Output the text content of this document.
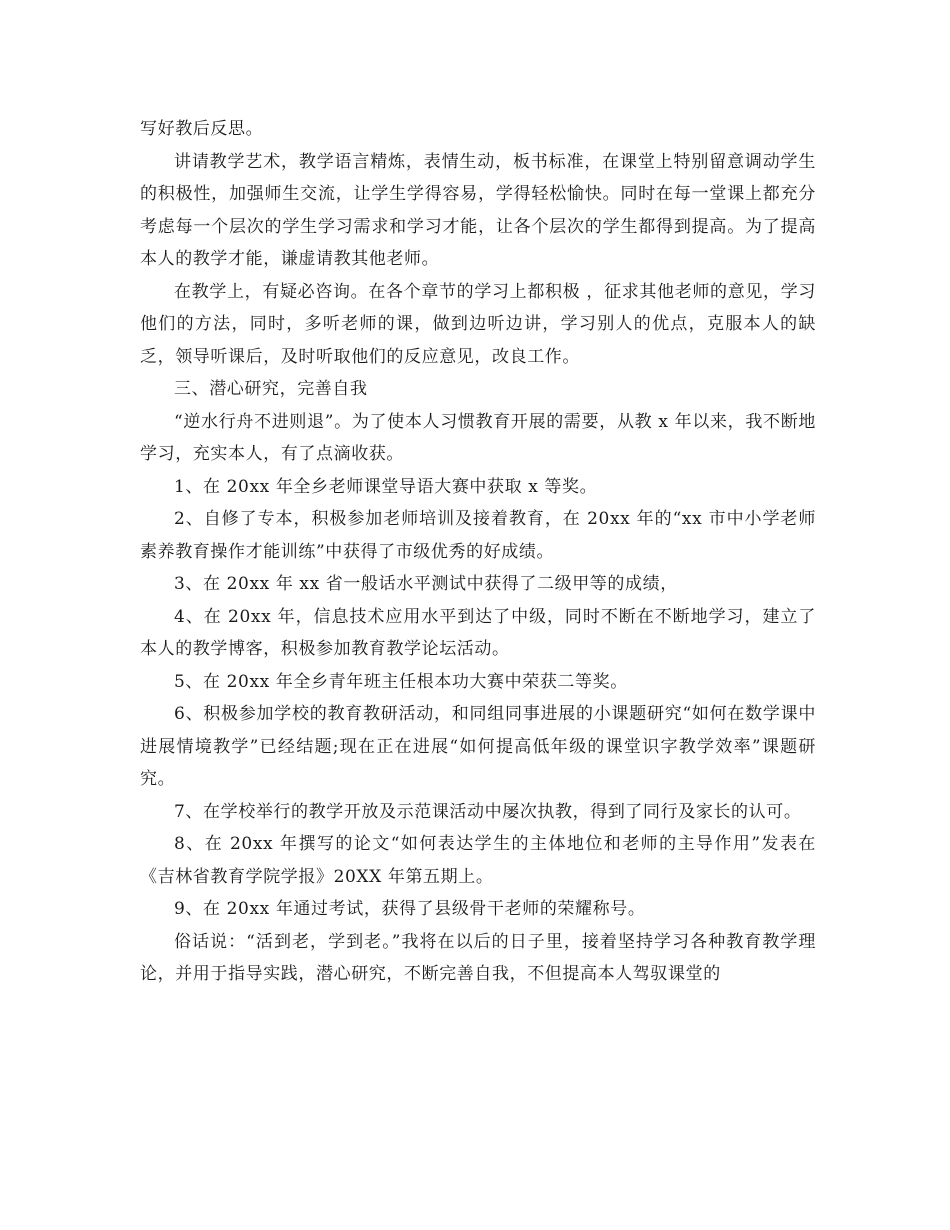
写好教后反思。

讲请教学艺术，教学语言精炼，表情生动，板书标准，在课堂上特别留意调动学生的积极性，加强师生交流，让学生学得容易，学得轻松愉快。同时在每一堂课上都充分考虑每一个层次的学生学习需求和学习才能，让各个层次的学生都得到提高。为了提高本人的教学才能，谦虚请教其他老师。

在教学上，有疑必咨询。在各个章节的学习上都积极 ，征求其他老师的意见，学习他们的方法，同时，多听老师的课，做到边听边讲，学习别人的优点，克服本人的缺乏，领导听课后，及时听取他们的反应意见，改良工作。

三、潜心研究，完善自我

“逆水行舟不进则退”。为了使本人习惯教育开展的需要，从教 x 年以来，我不断地学习，充实本人，有了点滴收获。

1、在 20xx 年全乡老师课堂导语大赛中获取 x 等奖。

2、自修了专本，积极参加老师培训及接着教育，在 20xx 年的“xx 市中小学老师素养教育操作才能训练”中获得了市级优秀的好成绩。

3、在 20xx 年 xx 省一般话水平测试中获得了二级甲等的成绩，

4、在 20xx 年，信息技术应用水平到达了中级，同时不断在不断地学习，建立了本人的教学博客，积极参加教育教学论坛活动。

5、在 20xx 年全乡青年班主任根本功大赛中荣获二等奖。

6、积极参加学校的教育教研活动，和同组同事进展的小课题研究“如何在数学课中进展情境教学”已经结题;现在正在进展“如何提高低年级的课堂识字教学效率”课题研究。

7、在学校举行的教学开放及示范课活动中屡次执教，得到了同行及家长的认可。

8、在 20xx 年撰写的论文“如何表达学生的主体地位和老师的主导作用”发表在《吉林省教育学院学报》20XX 年第五期上。

9、在 20xx 年通过考试，获得了县级骨干老师的荣耀称号。

俗话说：“活到老，学到老。”我将在以后的日子里，接着坚持学习各种教育教学理论，并用于指导实践，潜心研究，不断完善自我，不但提高本人驾驭课堂的
